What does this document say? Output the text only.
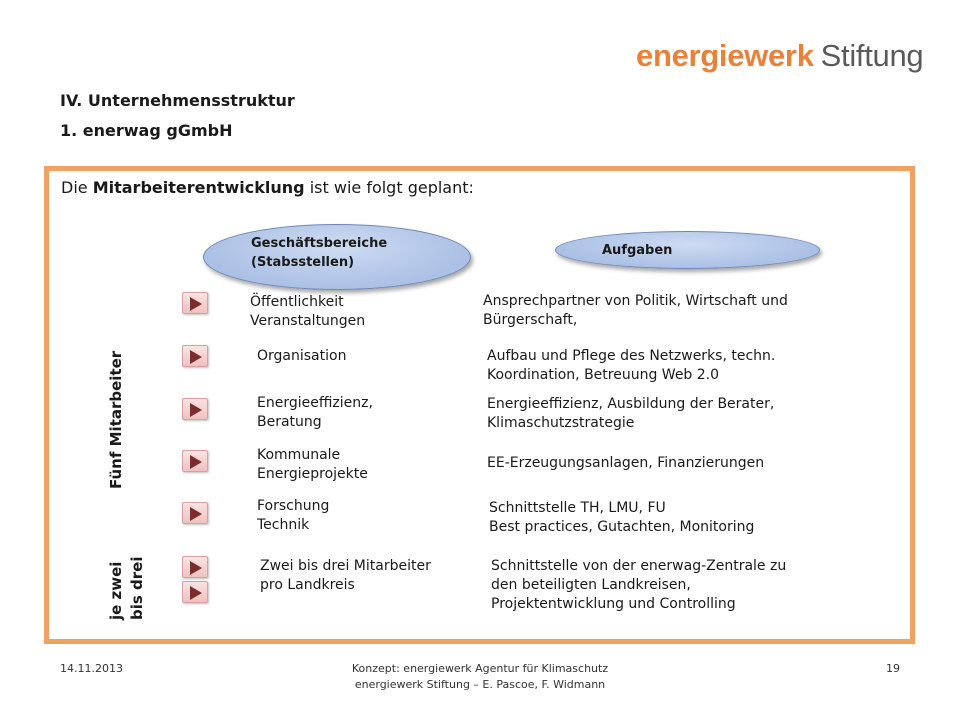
energiewerk Stiftung
IV. Unternehmensstruktur
1. enerwag gGmbH
Die Mitarbeiterentwicklung ist wie folgt geplant:
Geschäftsbereiche
(Stabsstellen)
Aufgaben
Fünf Mitarbeiter
je zwei bis drei
Öffentlichkeit
Veranstaltungen
Ansprechpartner von Politik, Wirtschaft und
Bürgerschaft,
Organisation	Aufbau und Pflege des Netzwerks, techn.
Koordination, Betreuung Web 2.0
Energieeffizienz,
Beratung
Energieeffizienz, Ausbildung der Berater,
Klimaschutzstrategie
Kommunale
Energieprojekte
EE-Erzeugungsanlagen, Finanzierungen
Forschung
Technik
Schnittstelle TH, LMU, FU
Best practices, Gutachten, Monitoring
Zwei bis drei Mitarbeiter
pro Landkreis
Schnittstelle von der enerwag-Zentrale zu
den beteiligten Landkreisen,
Projektentwicklung und Controlling
14.11.2013	Konzept: energiewerk Agentur für Klimaschutz
energiewerk Stiftung – E. Pascoe, F. Widmann
19
